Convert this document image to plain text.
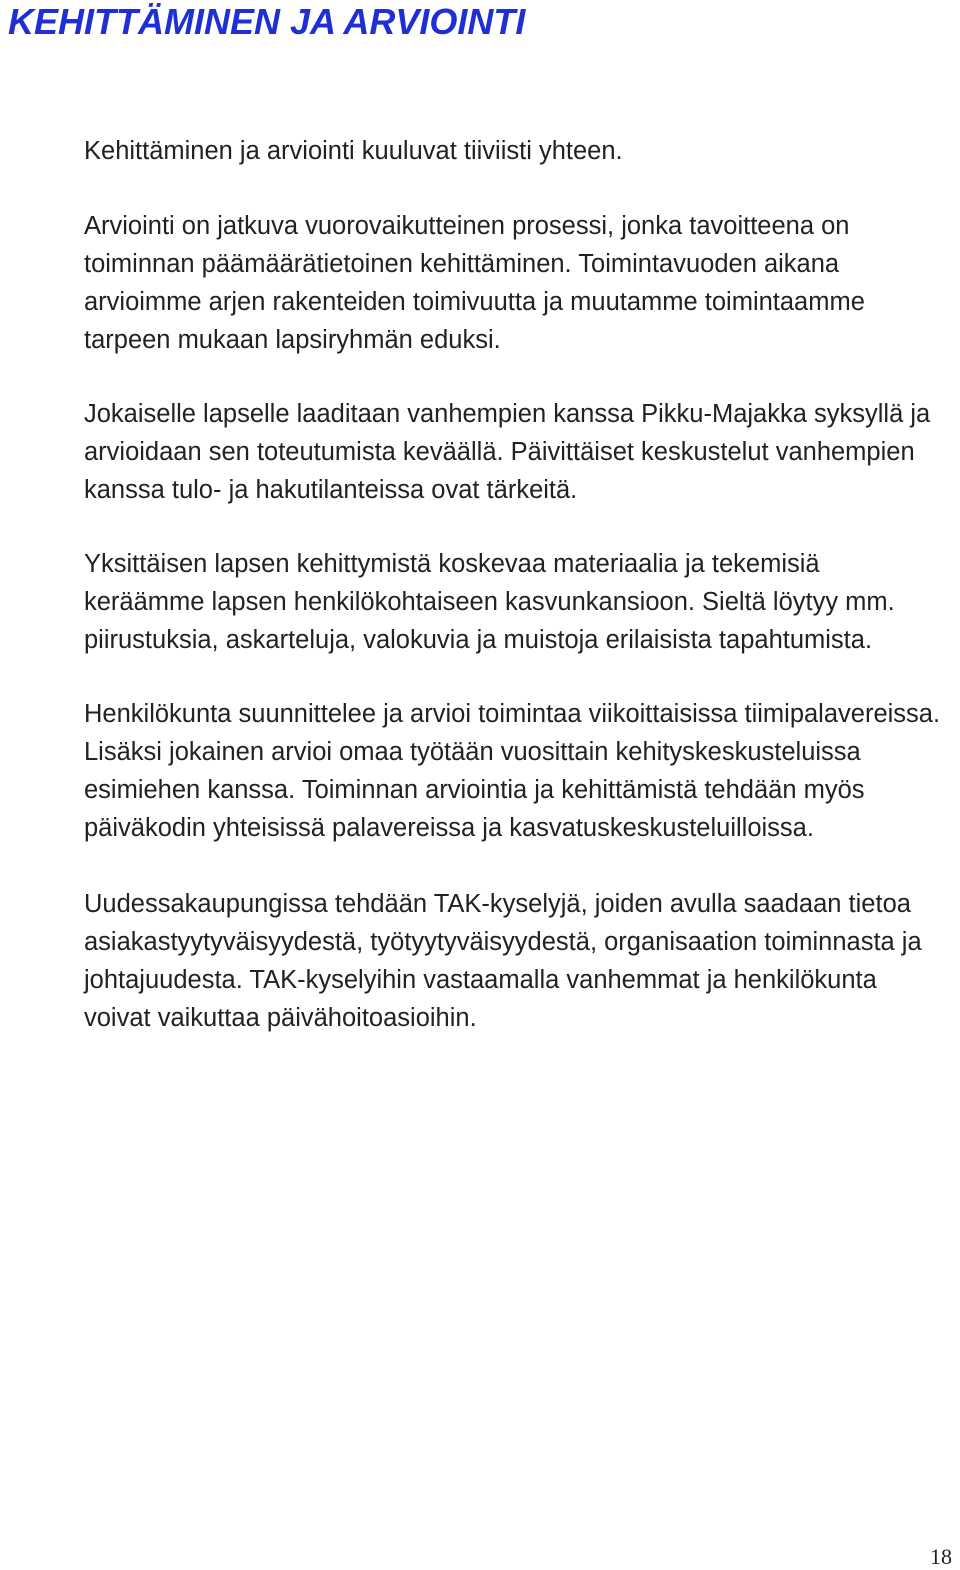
KEHITTÄMINEN JA ARVIOINTI

Kehittäminen ja arviointi kuuluvat tiiviisti yhteen.

Arviointi on jatkuva vuorovaikutteinen prosessi, jonka tavoitteena on toiminnan päämäärätietoinen kehittäminen. Toimintavuoden aikana arvioimme arjen rakenteiden toimivuutta ja muutamme toimintaamme tarpeen mukaan lapsiryhmän eduksi.

Jokaiselle lapselle laaditaan vanhempien kanssa Pikku-Majakka syksyllä ja arvioidaan sen toteutumista keväällä. Päivittäiset keskustelut vanhempien kanssa tulo- ja hakutilanteissa ovat tärkeitä.

Yksittäisen lapsen kehittymistä koskevaa materiaalia ja tekemisiä keräämme lapsen henkilökohtaiseen kasvunkansioon. Sieltä löytyy mm. piirustuksia, askarteluja, valokuvia ja muistoja erilaisista tapahtumista.

Henkilökunta suunnittelee ja arvioi toimintaa viikoittaisissa tiimipalavereissa. Lisäksi jokainen arvioi omaa työtään vuosittain kehityskeskusteluissa esimiehen kanssa. Toiminnan arviointia ja kehittämistä tehdään myös päiväkodin yhteisissä palavereissa ja kasvatuskeskusteluilloissa.

Uudessakaupungissa tehdään TAK-kyselyjä, joiden avulla saadaan tietoa asiakastyytyväisyydestä, työtyytyväisyydestä, organisaation toiminnasta ja johtajuudesta. TAK-kyselyihin vastaamalla vanhemmat ja henkilökunta voivat vaikuttaa päivähoitoasioihin.

18
